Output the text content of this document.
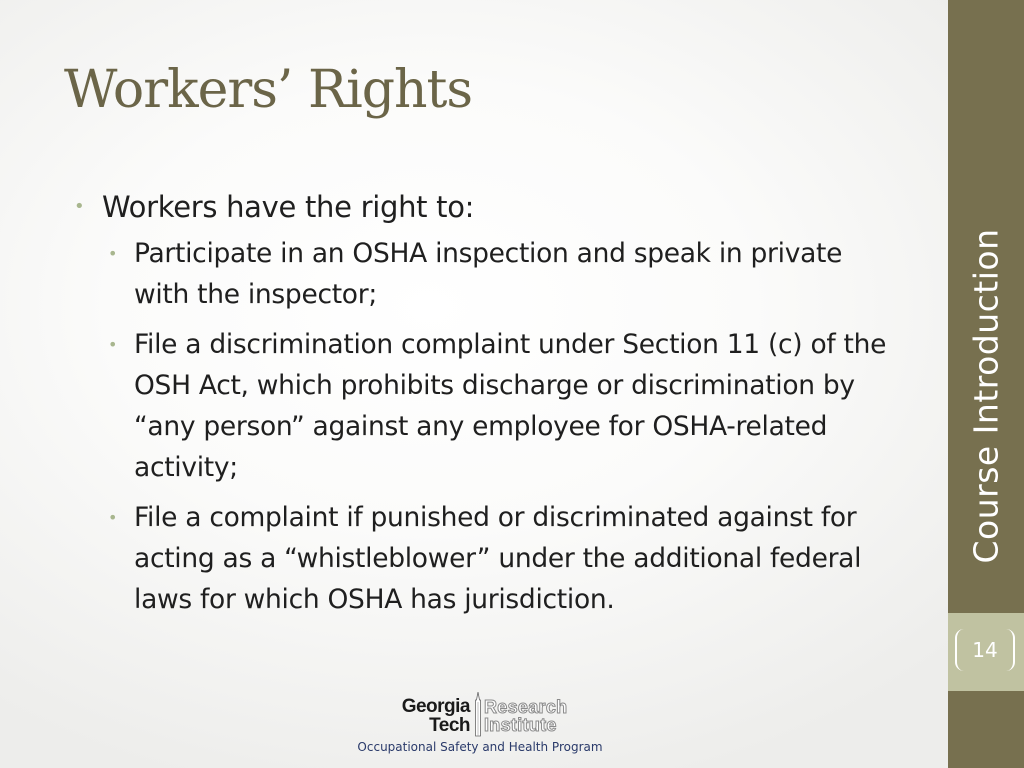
Workers’ Rights
• Workers have the right to:
• Participate in an OSHA inspection and speak in private with the inspector;
• File a discrimination complaint under Section 11 (c) of the OSH Act, which prohibits discharge or discrimination by “any person” against any employee for OSHA-related activity;
• File a complaint if punished or discriminated against for acting as a “whistleblower” under the additional federal laws for which OSHA has jurisdiction.
14
Course Introduction
Georgia
Tech
Research
Institute
Occupational Safety and Health Program
